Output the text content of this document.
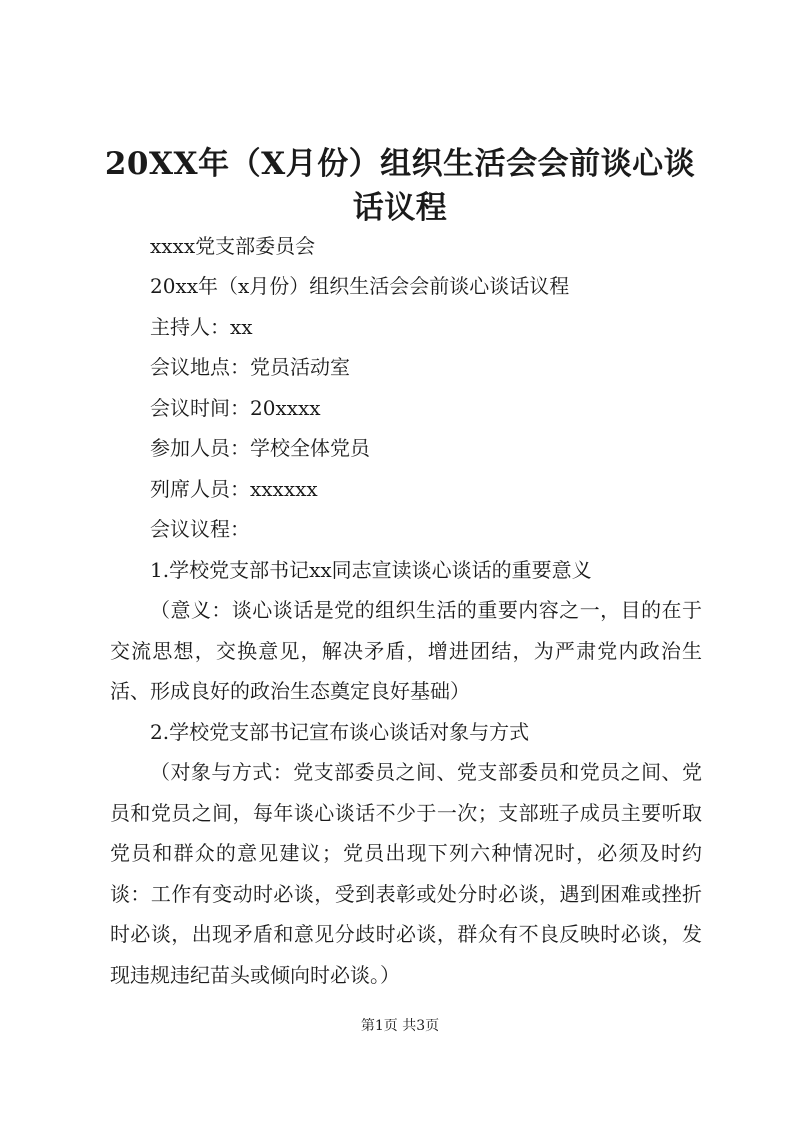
20XX年（X月份）组织生活会会前谈心谈话议程
xxxx党支部委员会
20xx年（x月份）组织生活会会前谈心谈话议程
主持人：xx
会议地点：党员活动室
会议时间：20xxxx
参加人员：学校全体党员
列席人员：xxxxxx
会议议程：
1.学校党支部书记xx同志宣读谈心谈话的重要意义
（意义：谈心谈话是党的组织生活的重要内容之一，目的在于交流思想，交换意见，解决矛盾，增进团结，为严肃党内政治生活、形成良好的政治生态奠定良好基础）
2.学校党支部书记宣布谈心谈话对象与方式
（对象与方式：党支部委员之间、党支部委员和党员之间、党员和党员之间，每年谈心谈话不少于一次；支部班子成员主要听取党员和群众的意见建议；党员出现下列六种情况时，必须及时约谈：工作有变动时必谈，受到表彰或处分时必谈，遇到困难或挫折时必谈，出现矛盾和意见分歧时必谈，群众有不良反映时必谈，发现违规违纪苗头或倾向时必谈。）
第1页 共3页
